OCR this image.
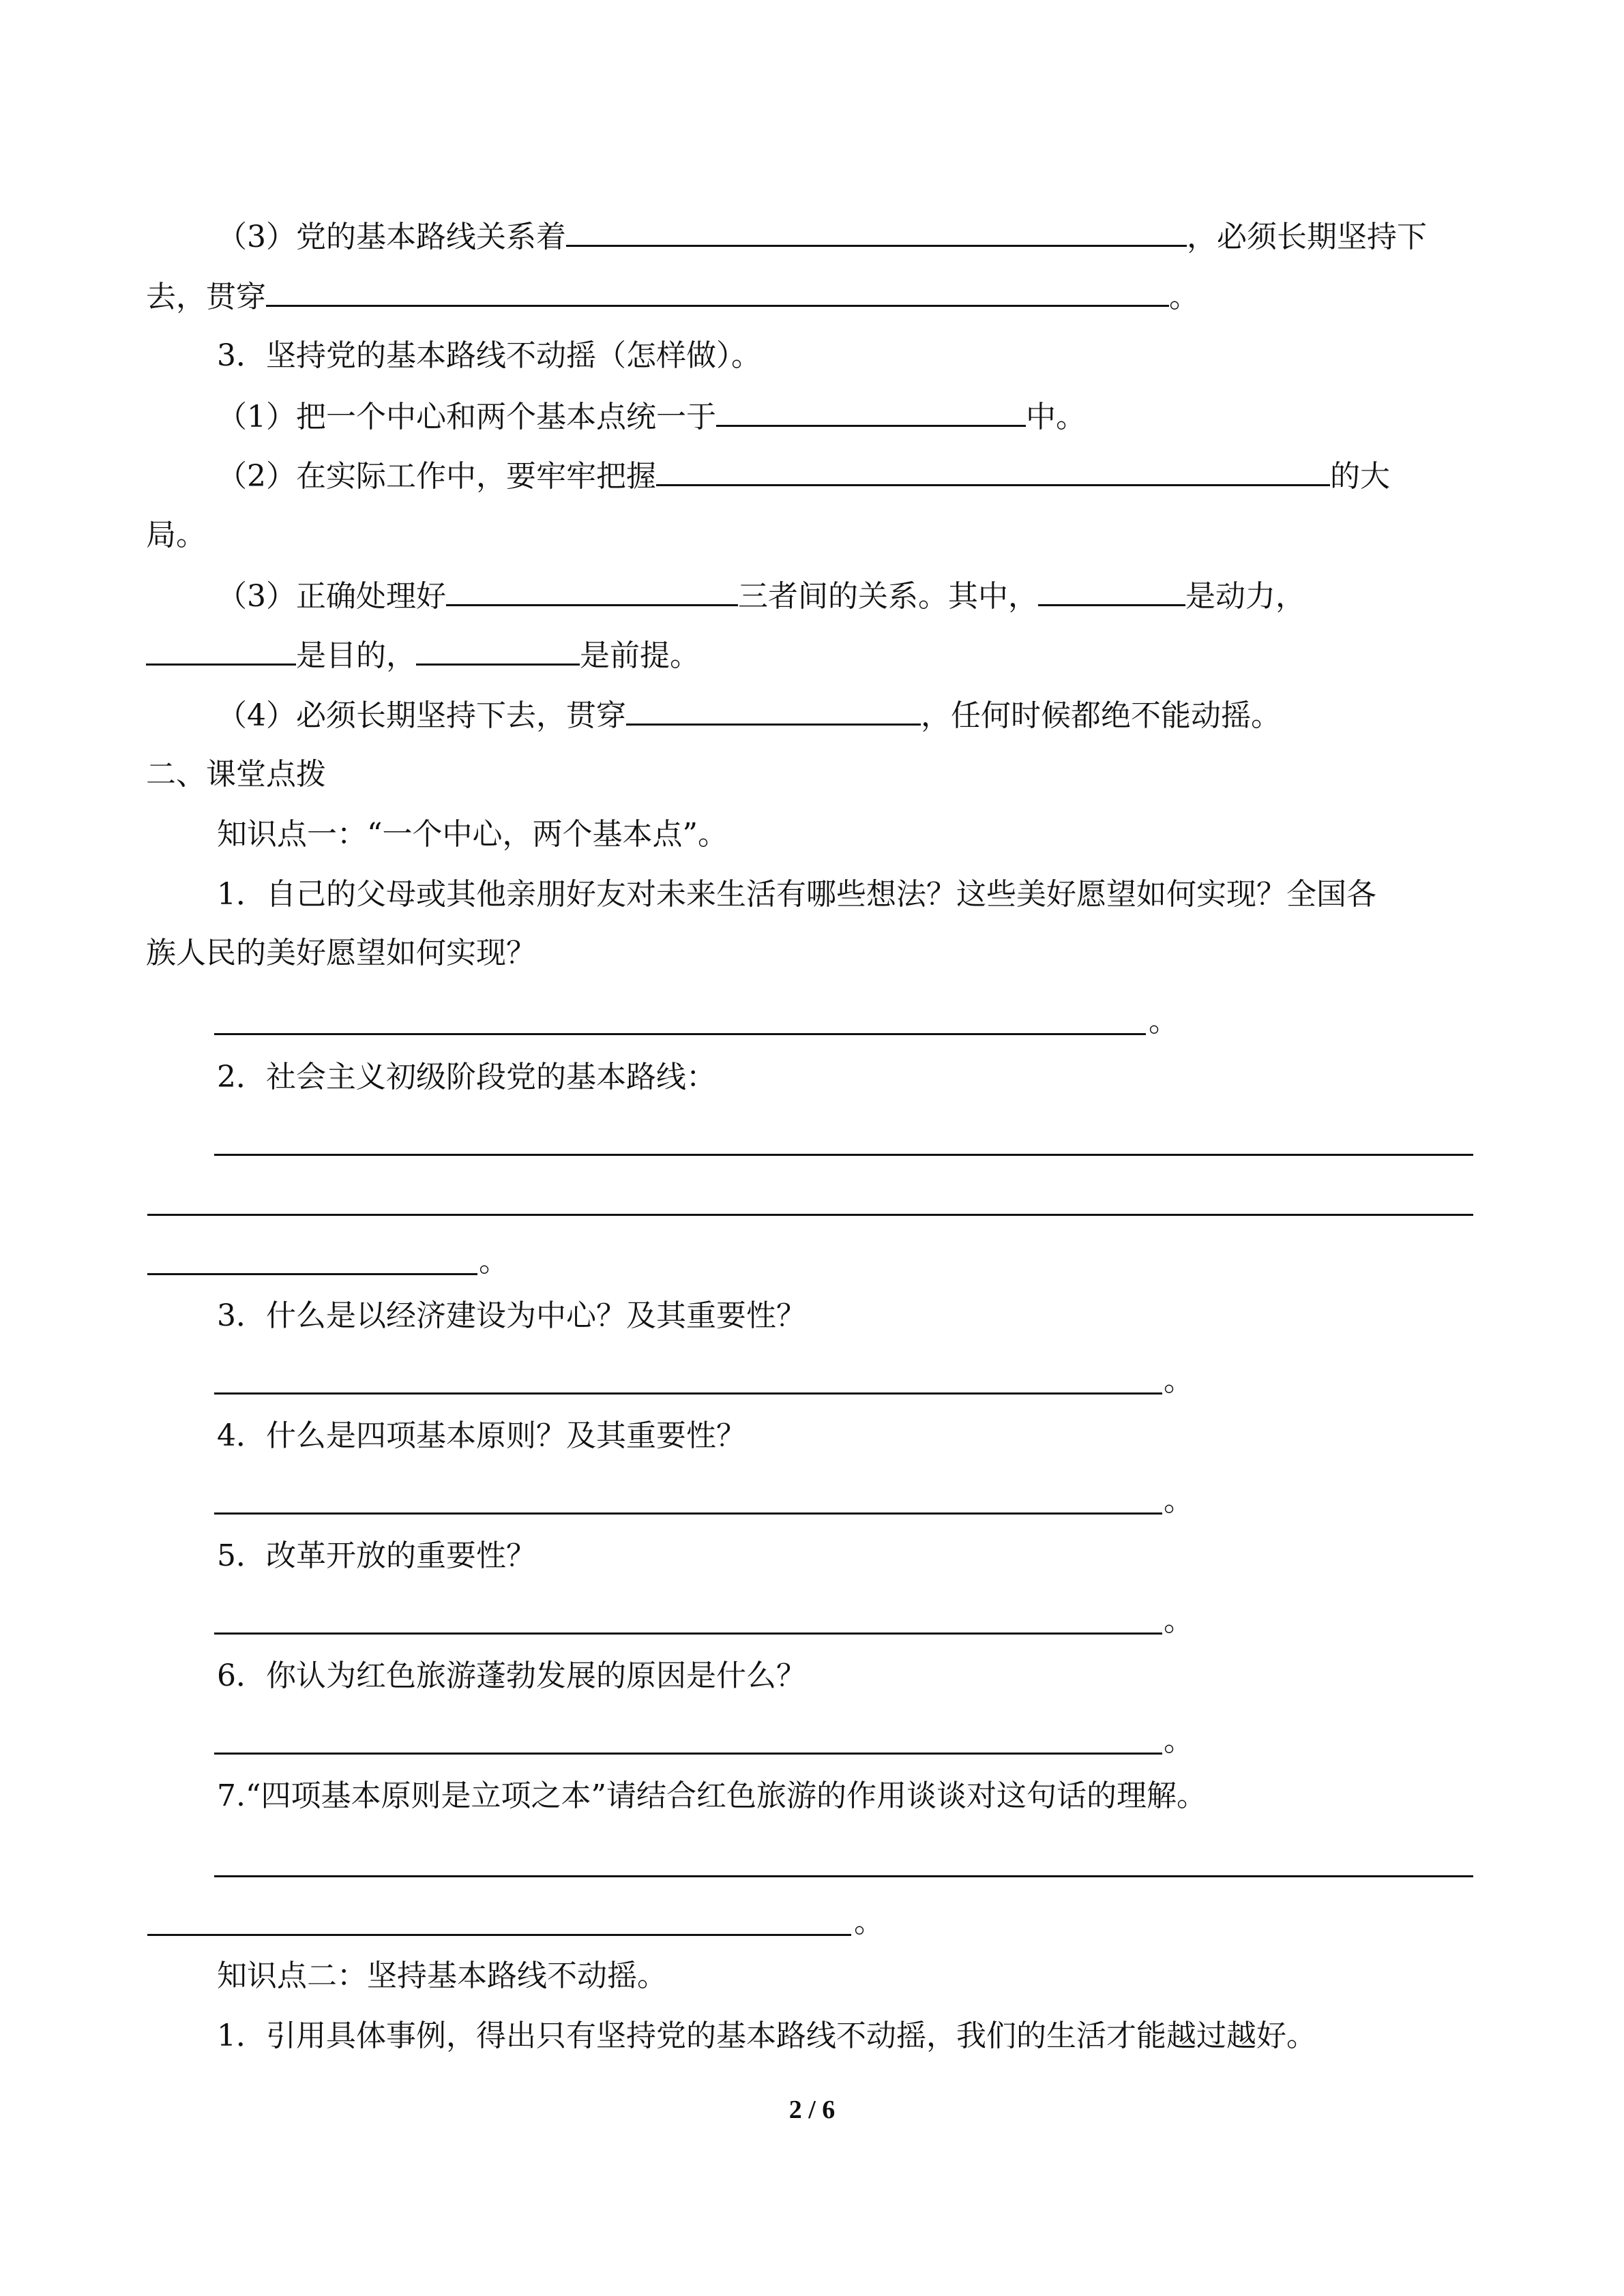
（3）党的基本路线关系着	，必须长期坚持下
去，贯穿	。
3．坚持党的基本路线不动摇（怎样做）。
（1）把一个中心和两个基本点统一于	中。
（2）在实际工作中，要牢牢把握	的大
局。
（3）正确处理好	三者间的关系。其中，	是动力，
是目的，	是前提。
（4）必须长期坚持下去，贯穿	，任何时候都绝不能动摇。
二、课堂点拨
知识点一：“一个中心，两个基本点”。
1．自己的父母或其他亲朋好友对未来生活有哪些想法？这些美好愿望如何实现？全国各
族人民的美好愿望如何实现？
。
2．社会主义初级阶段党的基本路线：
。
3．什么是以经济建设为中心？及其重要性？
。
4．什么是四项基本原则？及其重要性？
。
5．改革开放的重要性？
。
6．你认为红色旅游蓬勃发展的原因是什么？
。
7.“四项基本原则是立项之本”请结合红色旅游的作用谈谈对这句话的理解。
。
知识点二：坚持基本路线不动摇。
1．引用具体事例，得出只有坚持党的基本路线不动摇，我们的生活才能越过越好。
2 / 6
